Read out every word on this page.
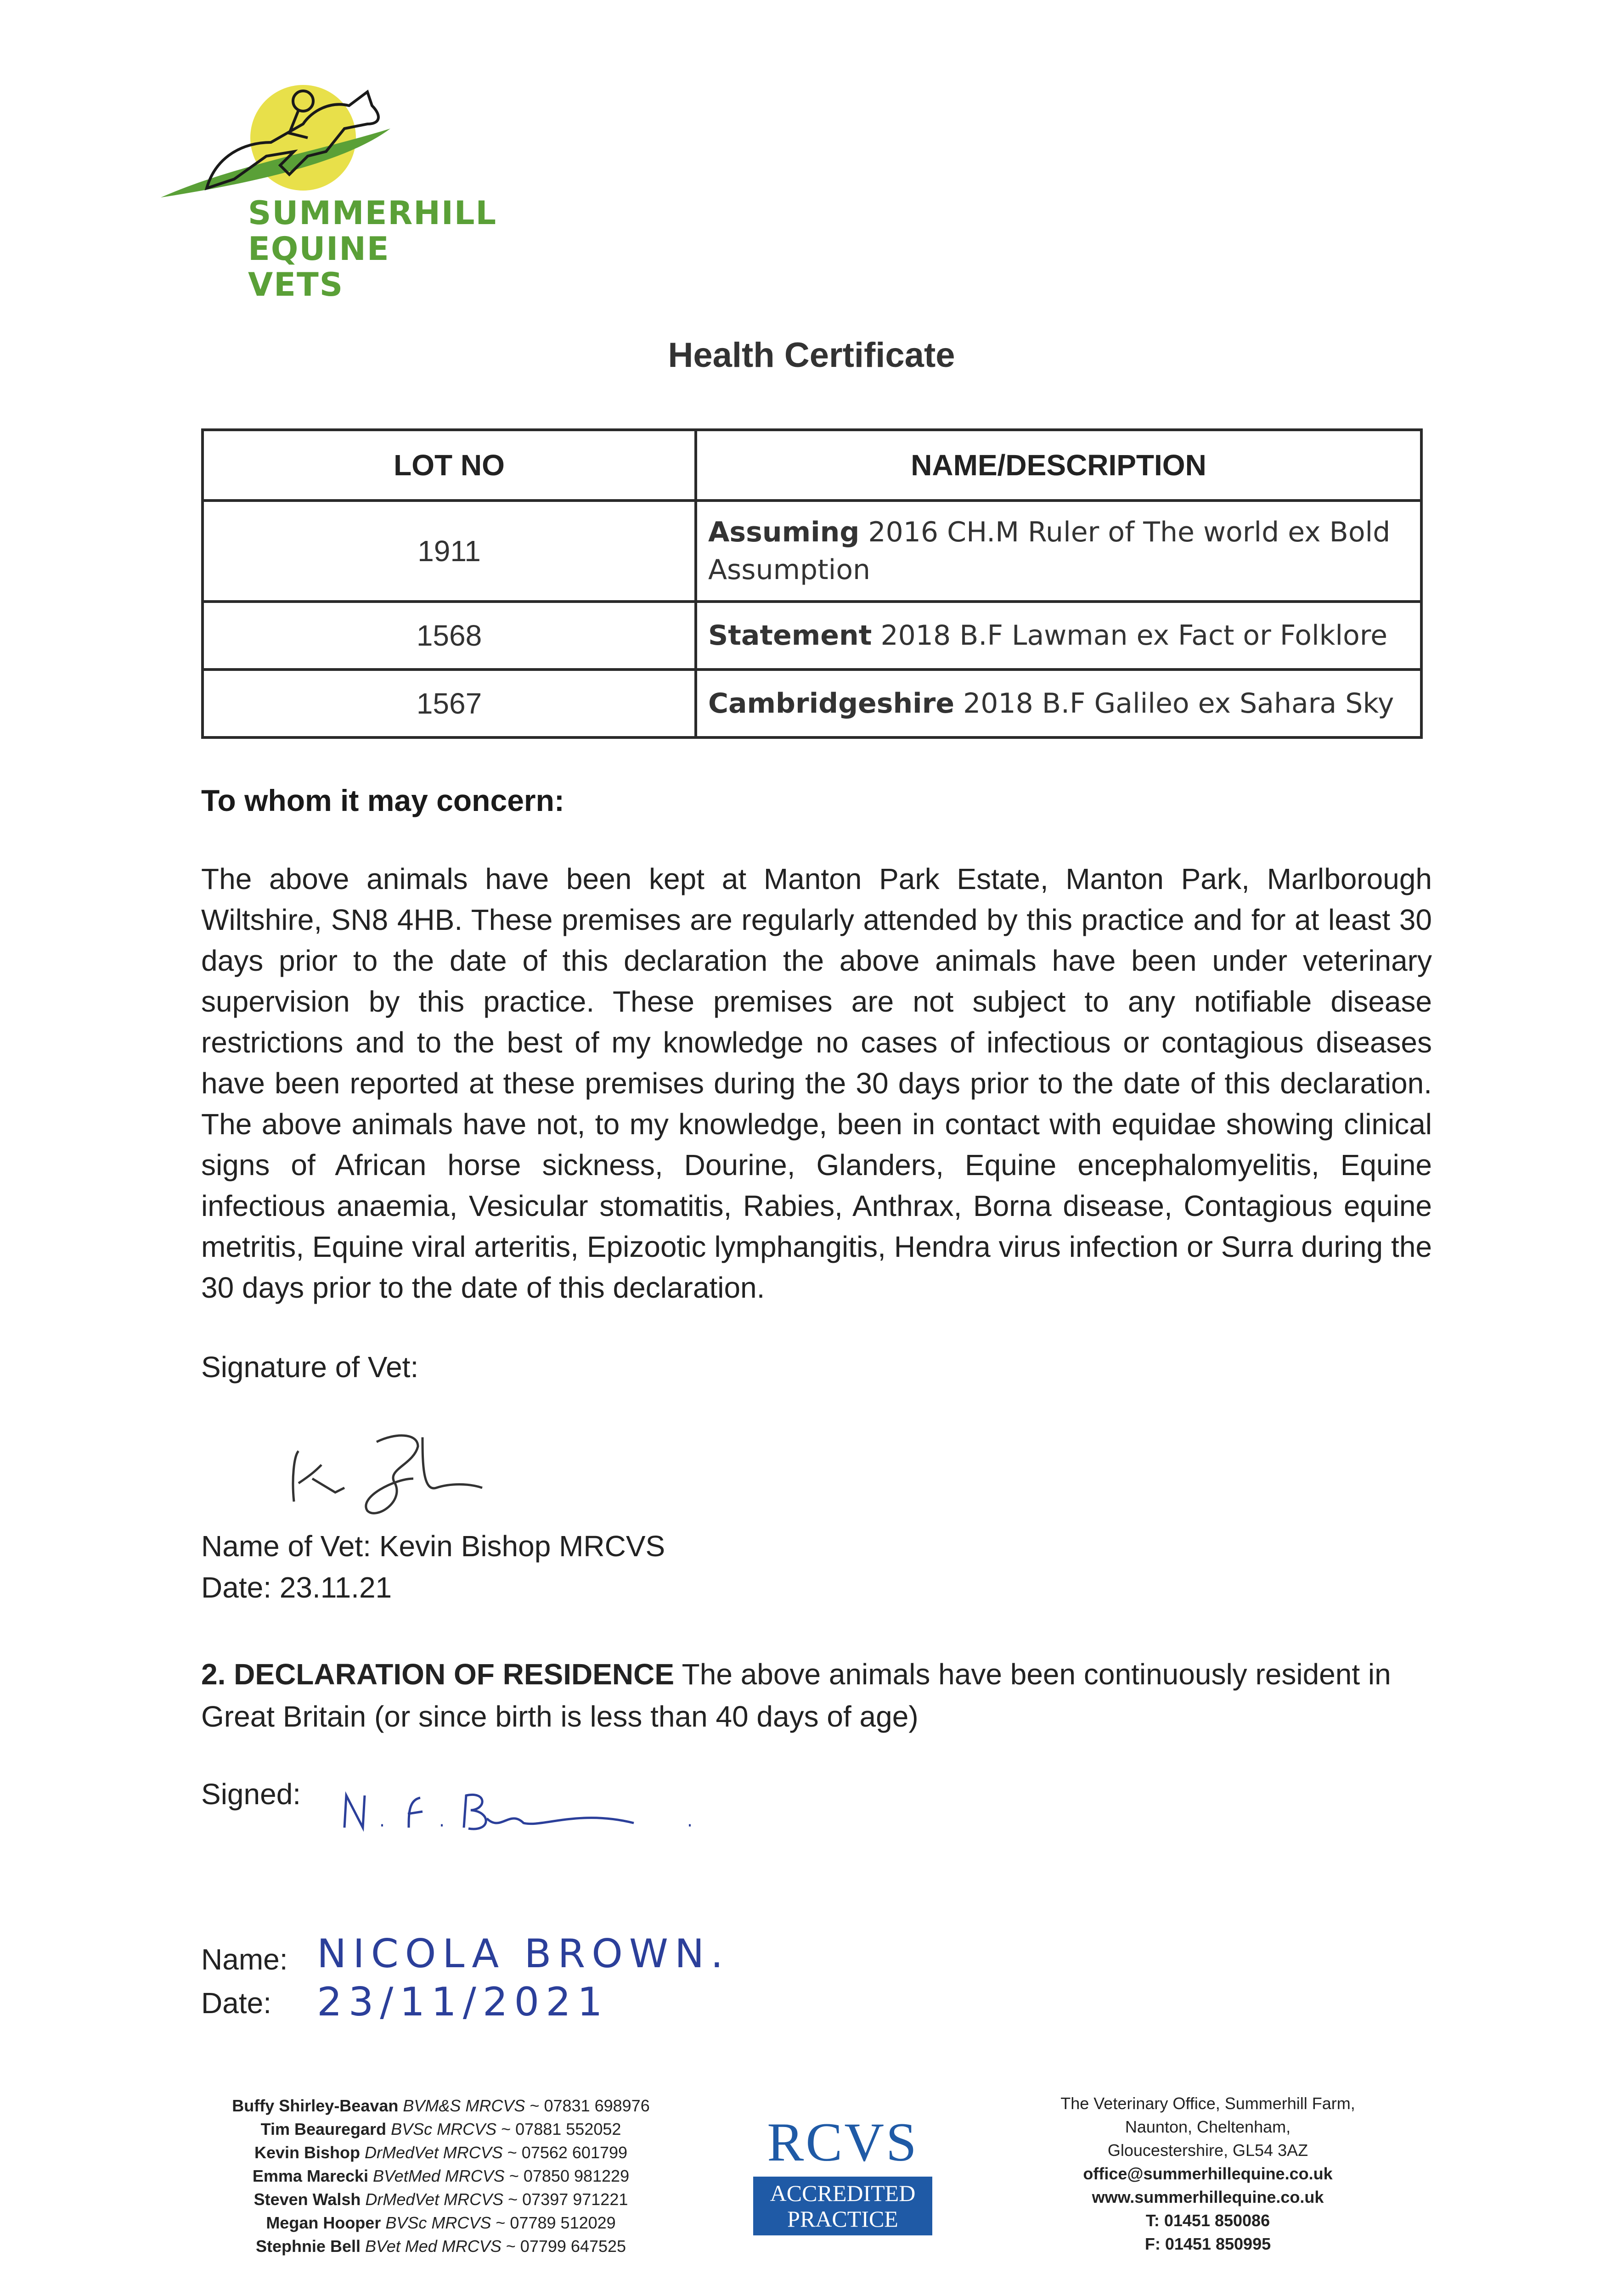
SUMMERHILL
EQUINE VETS
Health Certificate
LOT NO	NAME/DESCRIPTION
1911	Assuming 2016 CH.M Ruler of The world ex Bold Assumption
1568	Statement 2018 B.F Lawman ex Fact or Folklore
1567	Cambridgeshire 2018 B.F Galileo ex Sahara Sky
To whom it may concern:
The above animals have been kept at Manton Park Estate, Manton Park, Marlborough Wiltshire, SN8 4HB. These premises are regularly attended by this practice and for at least 30 days prior to the date of this declaration the above animals have been under veterinary supervision by this practice. These premises are not subject to any notifiable disease restrictions and to the best of my knowledge no cases of infectious or contagious diseases have been reported at these premises during the 30 days prior to the date of this declaration. The above animals have not, to my knowledge, been in contact with equidae showing clinical signs of African horse sickness, Dourine, Glanders, Equine encephalomyelitis, Equine infectious anaemia, Vesicular stomatitis, Rabies, Anthrax, Borna disease, Contagious equine metritis, Equine viral arteritis, Epizootic lymphangitis, Hendra virus infection or Surra during the 30 days prior to the date of this declaration.
Signature of Vet:
Name of Vet: Kevin Bishop MRCVS
Date: 23.11.21
2. DECLARATION OF RESIDENCE The above animals have been continuously resident in Great Britain (or since birth is less than 40 days of age)
Signed:
Name: NICOLA BROWN.
Date: 23/11/2021
Buffy Shirley-Beavan BVM&S MRCVS ~ 07831 698976
Tim Beauregard BVSc MRCVS ~ 07881 552052
Kevin Bishop DrMedVet MRCVS ~ 07562 601799
Emma Marecki BVetMed MRCVS ~ 07850 981229
Steven Walsh DrMedVet MRCVS ~ 07397 971221
Megan Hooper BVSc MRCVS ~ 07789 512029
Stephnie Bell BVet Med MRCVS ~ 07799 647525
RCVS
ACCREDITED
PRACTICE
The Veterinary Office, Summerhill Farm,
Naunton, Cheltenham,
Gloucestershire, GL54 3AZ
office@summerhillequine.co.uk
www.summerhillequine.co.uk
T: 01451 850086
F: 01451 850995
